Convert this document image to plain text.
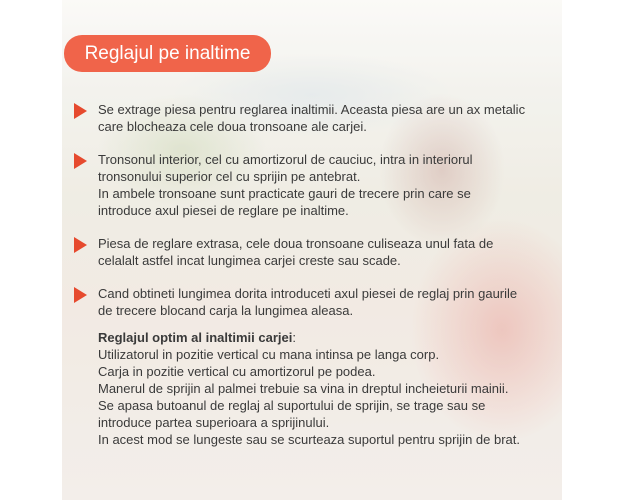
Reglajul pe inaltime

Se extrage piesa pentru reglarea inaltimii. Aceasta piesa are un ax metalic
care blocheaza cele doua tronsoane ale carjei.

Tronsonul interior, cel cu amortizorul de cauciuc, intra in interiorul
tronsonului superior cel cu sprijin pe antebrat.
In ambele tronsoane sunt practicate gauri de trecere prin care se
introduce axul piesei de reglare pe inaltime.

Piesa de reglare extrasa, cele doua tronsoane culiseaza unul fata de
celalalt astfel incat lungimea carjei creste sau scade.

Cand obtineti lungimea dorita introduceti axul piesei de reglaj prin gaurile
de trecere blocand carja la lungimea aleasa.

Reglajul optim al inaltimii carjei:

Utilizatorul in pozitie vertical cu mana intinsa pe langa corp.

Carja in pozitie vertical cu amortizorul pe podea.

Manerul de sprijin al palmei trebuie sa vina in dreptul incheieturii mainii.

Se apasa butoanul de reglaj al suportului de sprijin, se trage sau se

introduce partea superioara a sprijinului.

In acest mod se lungeste sau se scurteaza suportul pentru sprijin de brat.
